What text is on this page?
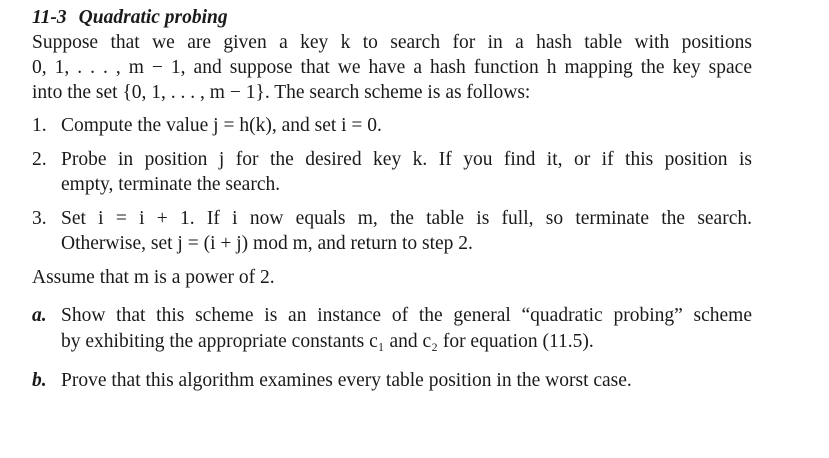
11-3 Quadratic probing

Suppose that we are given a key k to search for in a hash table with positions
0, 1, . . . , m − 1, and suppose that we have a hash function h mapping the key space
into the set {0, 1, . . . , m − 1}. The search scheme is as follows:

1. Compute the value j = h(k), and set i = 0.
2. Probe in position j for the desired key k. If you find it, or if this position is
empty, terminate the search.
3. Set i = i + 1. If i now equals m, the table is full, so terminate the search.
Otherwise, set j = (i + j) mod m, and return to step 2.

Assume that m is a power of 2.

a. Show that this scheme is an instance of the general “quadratic probing” scheme
by exhibiting the appropriate constants c₁ and c₂ for equation (11.5).
b. Prove that this algorithm examines every table position in the worst case.
